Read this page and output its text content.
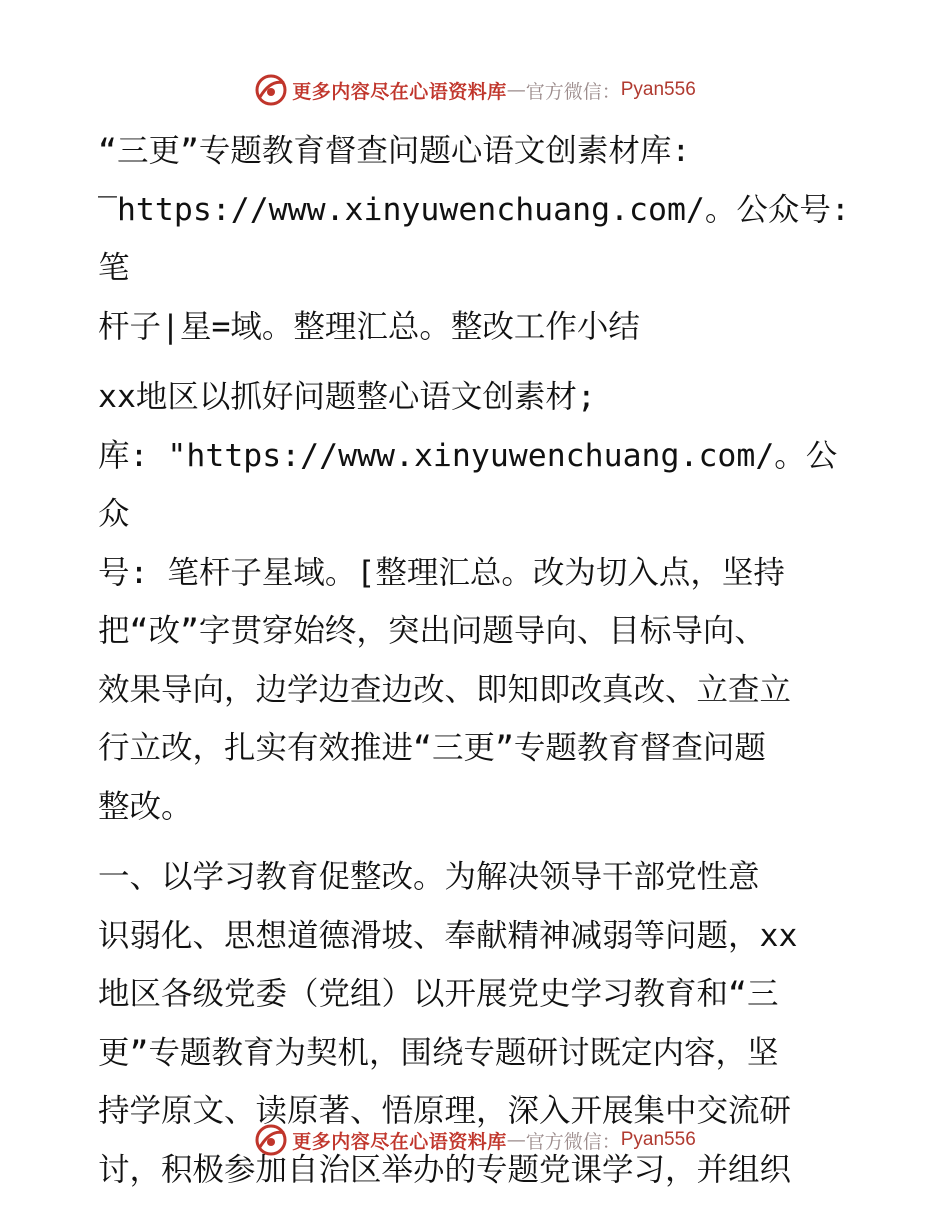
更多内容尽在心语资料库 — 官方微信： Pyan556
“三更”专题教育督查问题心语文创素材库:
‾https://www.xinyuwenchuang.com/。公众号: 笔
杆子|星=域。整理汇总。整改工作小结
xx地区以抓好问题整心语文创素材;
库: "https://www.xinyuwenchuang.com/。公众
号: 笔杆子星域。[整理汇总。改为切入点，坚持
把“改”字贯穿始终，突出问题导向、目标导向、
效果导向，边学边查边改、即知即改真改、立查立
行立改，扎实有效推进“三更”专题教育督查问题
整改。
一、以学习教育促整改。为解决领导干部党性意
识弱化、思想道德滑坡、奉献精神减弱等问题，xx
地区各级党委（党组）以开展党史学习教育和“三
更”专题教育为契机，围绕专题研讨既定内容，坚
持学原文、读原著、悟原理，深入开展集中交流研
讨，积极参加自治区举办的专题党课学习，并组织
更多内容尽在心语资料库 — 官方微信： Pyan556
